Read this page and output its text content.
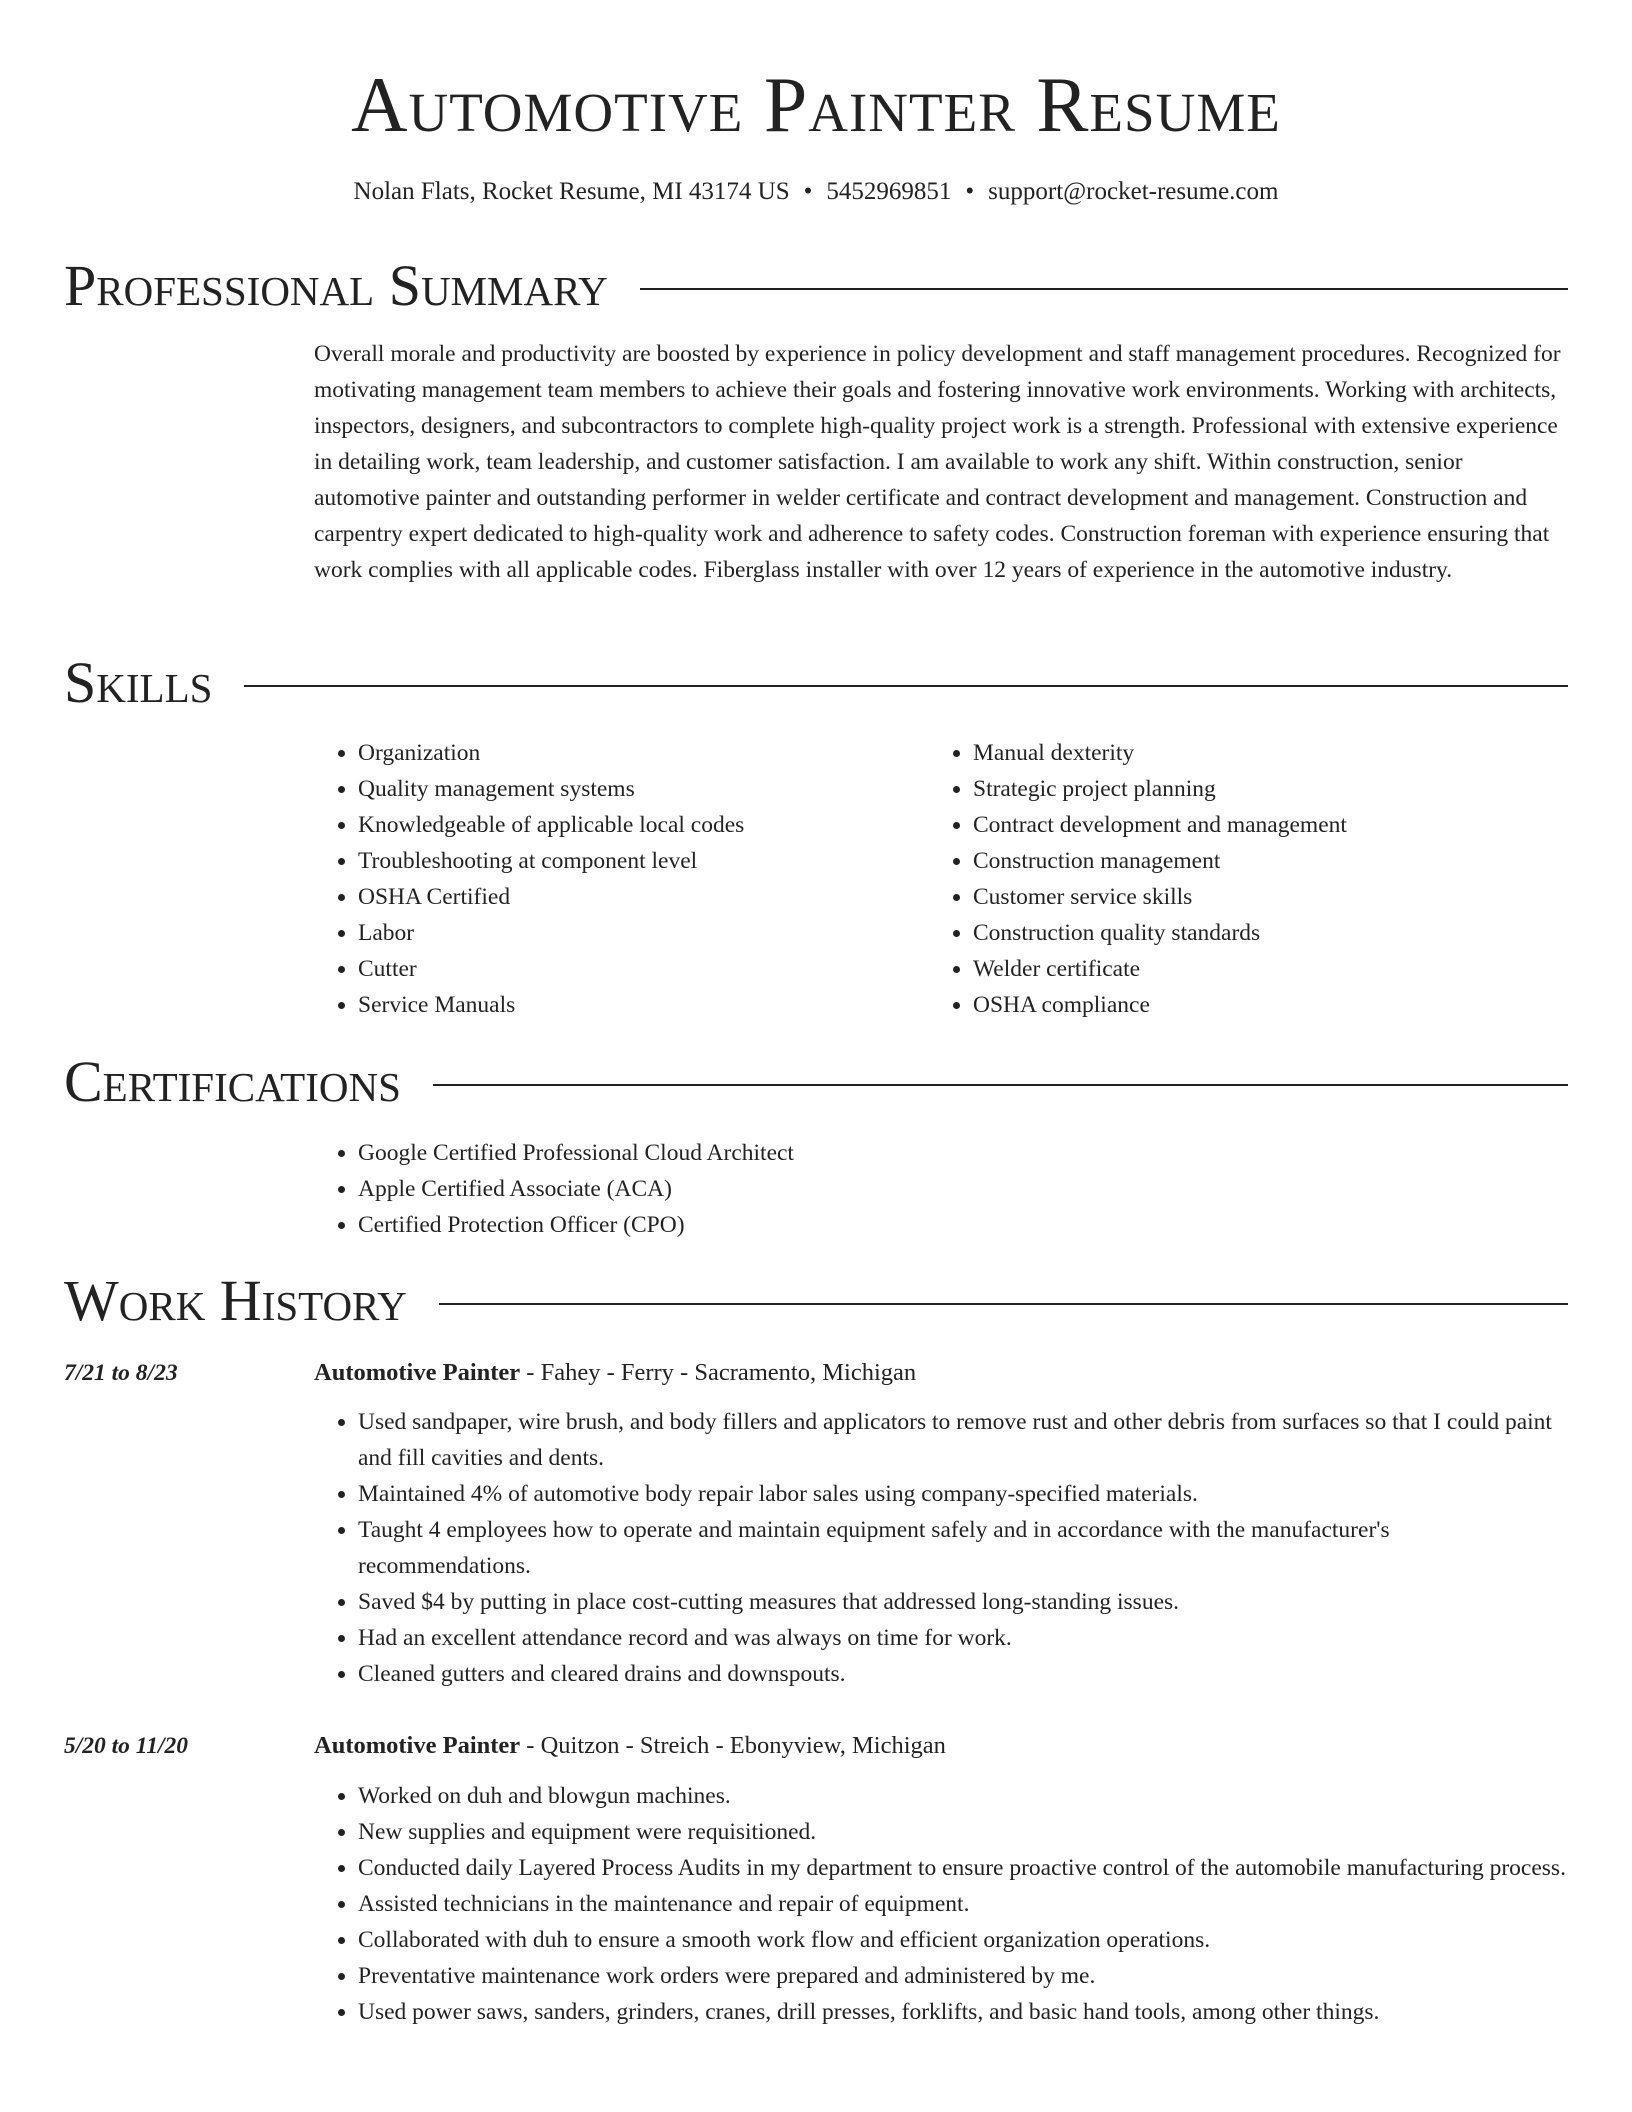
Automotive Painter Resume
Nolan Flats, Rocket Resume, MI 43174 US • 5452969851 • support@rocket-resume.com
Professional Summary

Overall morale and productivity are boosted by experience in policy development and staff management procedures. Recognized for motivating management team members to achieve their goals and fostering innovative work environments. Working with architects, inspectors, designers, and subcontractors to complete high-quality project work is a strength. Professional with extensive experience in detailing work, team leadership, and customer satisfaction. I am available to work any shift. Within construction, senior automotive painter and outstanding performer in welder certificate and contract development and management. Construction and carpentry expert dedicated to high-quality work and adherence to safety codes. Construction foreman with experience ensuring that work complies with all applicable codes. Fiberglass installer with over 12 years of experience in the automotive industry.

Skills
• Organization
• Quality management systems
• Knowledgeable of applicable local codes
• Troubleshooting at component level
• OSHA Certified
• Labor
• Cutter
• Service Manuals
• Manual dexterity
• Strategic project planning
• Contract development and management
• Construction management
• Customer service skills
• Construction quality standards
• Welder certificate
• OSHA compliance
Certifications
• Google Certified Professional Cloud Architect
• Apple Certified Associate (ACA)
• Certified Protection Officer (CPO)
Work History
7/21 to 8/23	Automotive Painter - Fahey - Ferry - Sacramento, Michigan
• Used sandpaper, wire brush, and body fillers and applicators to remove rust and other debris from surfaces so that I could paint and fill cavities and dents.
• Maintained 4% of automotive body repair labor sales using company-specified materials.
• Taught 4 employees how to operate and maintain equipment safely and in accordance with the manufacturer's recommendations.
• Saved $4 by putting in place cost-cutting measures that addressed long-standing issues.
• Had an excellent attendance record and was always on time for work.
• Cleaned gutters and cleared drains and downspouts.
5/20 to 11/20	Automotive Painter - Quitzon - Streich - Ebonyview, Michigan
• Worked on duh and blowgun machines.
• New supplies and equipment were requisitioned.
• Conducted daily Layered Process Audits in my department to ensure proactive control of the automobile manufacturing process.
• Assisted technicians in the maintenance and repair of equipment.
• Collaborated with duh to ensure a smooth work flow and efficient organization operations.
• Preventative maintenance work orders were prepared and administered by me.
• Used power saws, sanders, grinders, cranes, drill presses, forklifts, and basic hand tools, among other things.
